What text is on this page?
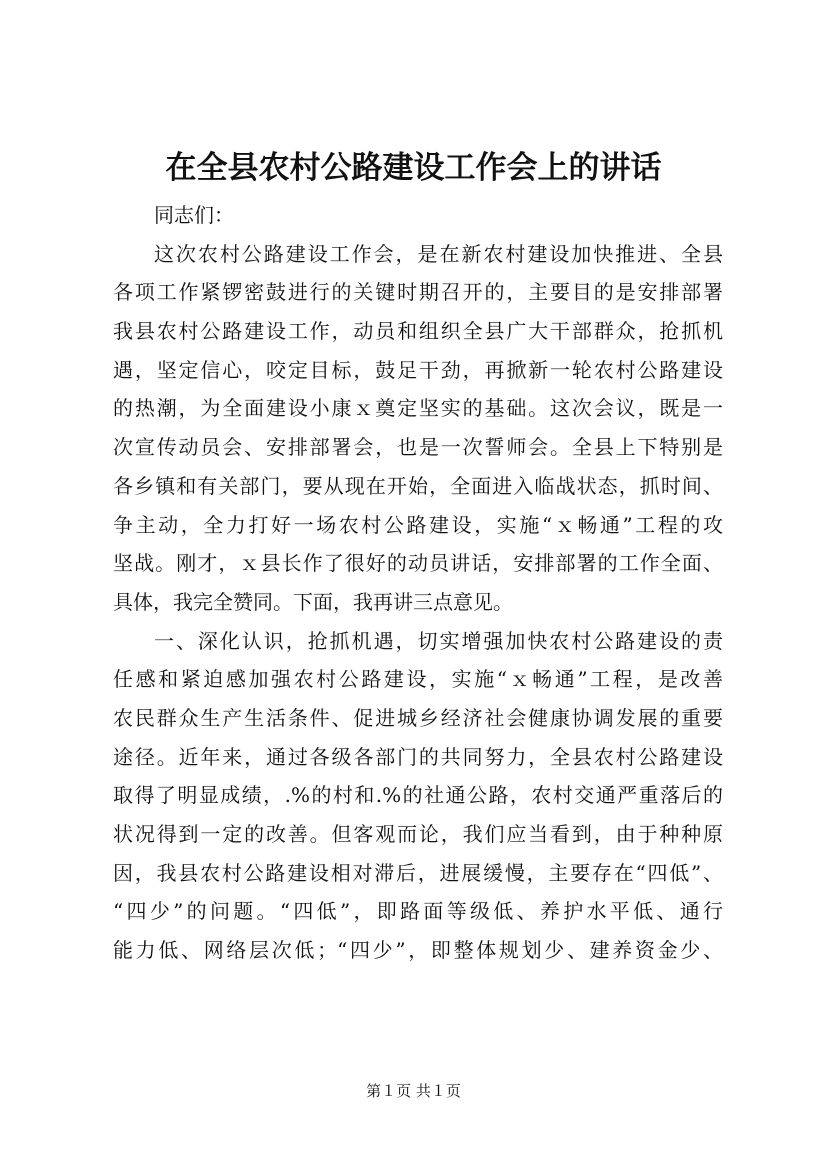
在全县农村公路建设工作会上的讲话
同志们：
这次农村公路建设工作会，是在新农村建设加快推进、全县
各项工作紧锣密鼓进行的关键时期召开的，主要目的是安排部署
我县农村公路建设工作，动员和组织全县广大干部群众，抢抓机
遇，坚定信心，咬定目标，鼓足干劲，再掀新一轮农村公路建设
的热潮，为全面建设小康ｘ奠定坚实的基础。这次会议，既是一
次宣传动员会、安排部署会，也是一次誓师会。全县上下特别是
各乡镇和有关部门，要从现在开始，全面进入临战状态，抓时间、
争主动，全力打好一场农村公路建设，实施“ｘ畅通”工程的攻
坚战。刚才，ｘ县长作了很好的动员讲话，安排部署的工作全面、
具体，我完全赞同。下面，我再讲三点意见。
一、深化认识，抢抓机遇，切实增强加快农村公路建设的责
任感和紧迫感加强农村公路建设，实施“ｘ畅通”工程，是改善
农民群众生产生活条件、促进城乡经济社会健康协调发展的重要
途径。近年来，通过各级各部门的共同努力，全县农村公路建设
取得了明显成绩，.%的村和.%的社通公路，农村交通严重落后的
状况得到一定的改善。但客观而论，我们应当看到，由于种种原
因，我县农村公路建设相对滞后，进展缓慢，主要存在“四低”、
“四少”的问题。“四低”，即路面等级低、养护水平低、通行
能力低、网络层次低；“四少”，即整体规划少、建养资金少、
第１页 共１页
